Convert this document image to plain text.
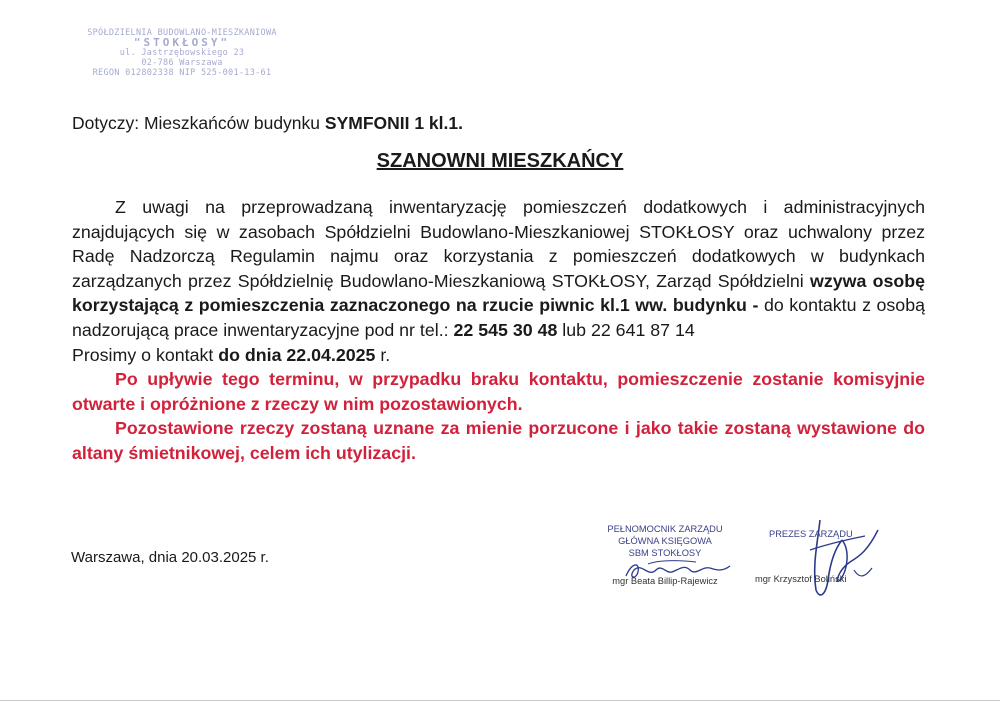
SPÓŁDZIELNIA BUDOWLANO-MIESZKANIOWA
"STOKŁOSY"
ul. Jastrzębowskiego 23
02-786 Warszawa
REGON 012802338 NIP 525-001-13-61
Dotyczy: Mieszkańców budynku SYMFONII 1 kl.1.
SZANOWNI MIESZKAŃCY
Z uwagi na przeprowadzaną inwentaryzację pomieszczeń dodatkowych i administracyjnych znajdujących się w zasobach Spółdzielni Budowlano-Mieszkaniowej STOKŁOSY oraz uchwalony przez Radę Nadzorczą Regulamin najmu oraz korzystania z pomieszczeń dodatkowych w budynkach zarządzanych przez Spółdzielnię Budowlano-Mieszkaniową STOKŁOSY, Zarząd Spółdzielni wzywa osobę korzystającą z pomieszczenia zaznaczonego na rzucie piwnic kl.1 ww. budynku - do kontaktu z osobą nadzorującą prace inwentaryzacyjne pod nr tel.: 22 545 30 48 lub 22 641 87 14
Prosimy o kontakt do dnia 22.04.2025 r.
Po upływie tego terminu, w przypadku braku kontaktu, pomieszczenie zostanie komisyjnie otwarte i opróżnione z rzeczy w nim pozostawionych.
Pozostawione rzeczy zostaną uznane za mienie porzucone i jako takie zostaną wystawione do altany śmietnikowej, celem ich utylizacji.
Warszawa, dnia 20.03.2025 r.
PEŁNOMOCNIK ZARZĄDU
GŁÓWNA KSIĘGOWA
SBM STOKŁOSY
mgr Beata Billip-Rajewicz
PREZES ZARZĄDU
mgr Krzysztof Boliński
